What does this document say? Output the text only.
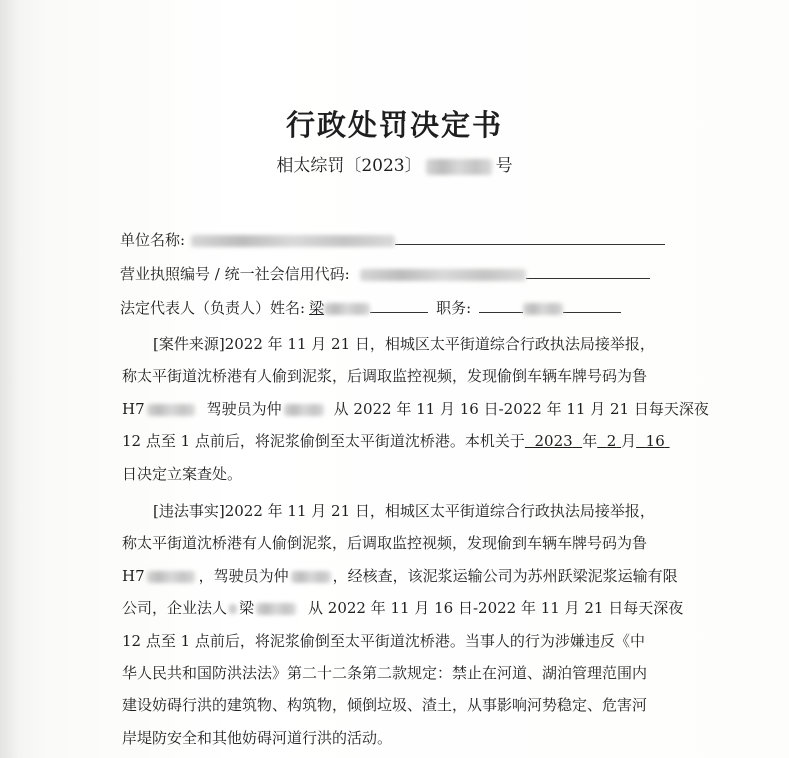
行政处罚决定书
相太综罚〔2023〕	号
单位名称:
营业执照编号 / 统一社会信用代码:
法定代表人（负责人）姓名: 梁	职务:
[案件来源]2022 年 11 月 21 日，相城区太平街道综合行政执法局接举报，
称太平街道沈桥港有人偷到泥浆，后调取监控视频，发现偷倒车辆车牌号码为鲁
H7	驾驶员为仲	从 2022 年 11 月 16 日-2022 年 11 月 21 日每天深夜
12 点至 1 点前后，将泥浆偷倒至太平街道沈桥港。本机关于 2023 年 2 月 16
日决定立案查处。
[违法事实]2022 年 11 月 21 日，相城区太平街道综合行政执法局接举报，
称太平街道沈桥港有人偷倒泥浆，后调取监控视频，发现偷到车辆车牌号码为鲁
H7	，驾驶员为仲	，经核查，该泥浆运输公司为苏州跃梁泥浆运输有限
公司，企业法人 梁	从 2022 年 11 月 16 日-2022 年 11 月 21 日每天深夜
12 点至 1 点前后，将泥浆偷倒至太平街道沈桥港。当事人的行为涉嫌违反《中
华人民共和国防洪法法》第二十二条第二款规定：禁止在河道、湖泊管理范围内
建设妨碍行洪的建筑物、构筑物，倾倒垃圾、渣土，从事影响河势稳定、危害河
岸堤防安全和其他妨碍河道行洪的活动。
